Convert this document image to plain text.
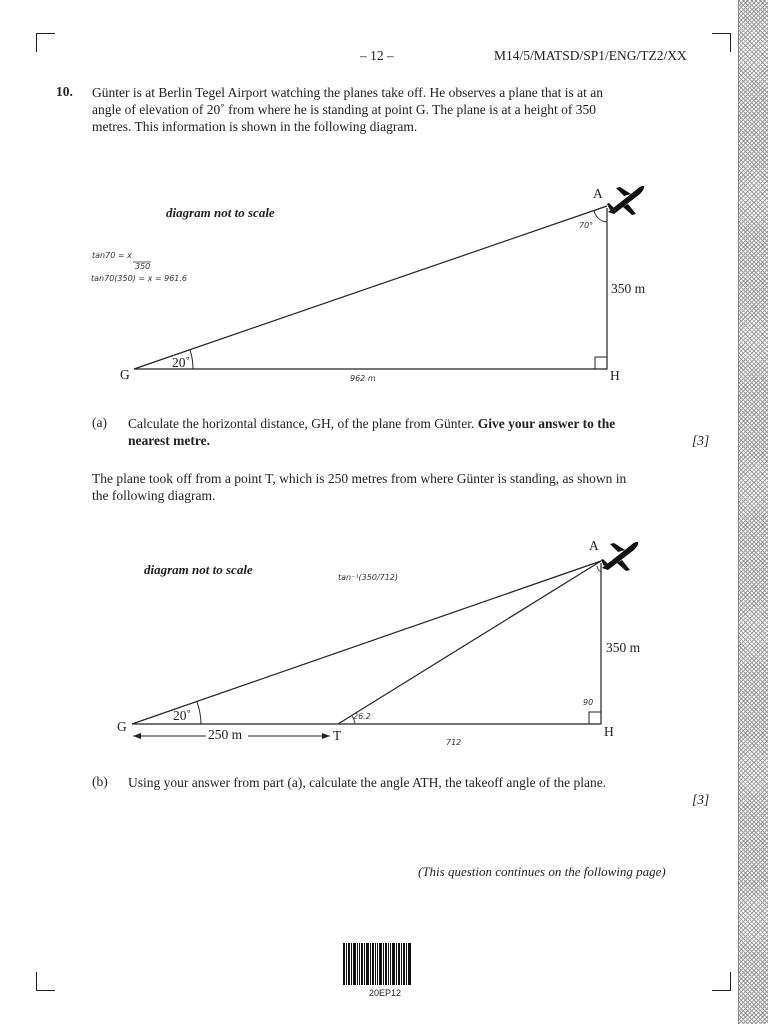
– 12 –	M14/5/MATSD/SP1/ENG/TZ2/XX
10. Günter is at Berlin Tegel Airport watching the planes take off. He observes a plane that is at an angle of elevation of 20˚ from where he is standing at point G. The plane is at a height of 350 metres. This information is shown in the following diagram.
diagram not to scale
A
G	H
20˚
350 m
70°
962 m
tan70 = x
350
tan70(350) = x = 961.6
(a) Calculate the horizontal distance, GH, of the plane from Günter. Give your answer to the nearest metre.	[3]
The plane took off from a point T, which is 250 metres from where Günter is standing, as shown in the following diagram.
diagram not to scale
A
G
T	H
20˚
350 m
250 m
tan⁻¹(350/712)
26.2
90
712
(b) Using your answer from part (a), calculate the angle ATH, the takeoff angle of the plane.
[3]
(This question continues on the following page)
20EP12
